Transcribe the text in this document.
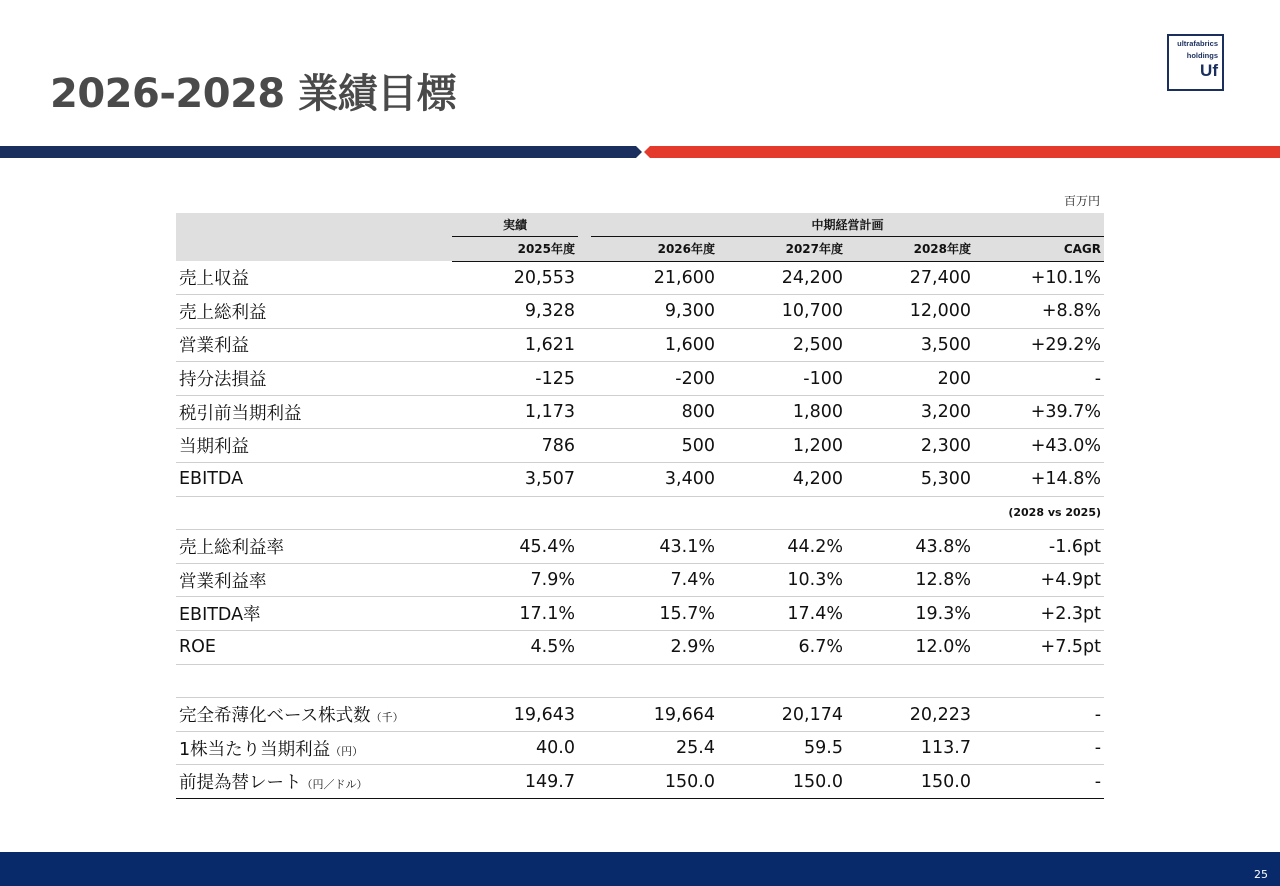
2026-2028 業績目標
ultrafabrics
holdings
Uf
百万円

	実績	中期経営計画			

	2025年度	2026年度	2027年度	2028年度	CAGR
売上収益	20,553	21,600	24,200	27,400	+10.1%
売上総利益	9,328	9,300	10,700	12,000	+8.8%
営業利益	1,621	1,600	2,500	3,500	+29.2%
持分法損益	-125	-200	-100	200	-
税引前当期利益	1,173	800	1,800	3,200	+39.7%
当期利益	786	500	1,200	2,300	+43.0%
EBITDA	3,507	3,400	4,200	5,300	+14.8%
(2028 vs 2025)					
売上総利益率	45.4%	43.1%	44.2%	43.8%	-1.6pt
営業利益率	7.9%	7.4%	10.3%	12.8%	+4.9pt
EBITDA率	17.1%	15.7%	17.4%	19.3%	+2.3pt
ROE	4.5%	2.9%	6.7%	12.0%	+7.5pt

完全希薄化ベース株式数（千）	19,643	19,664	20,174	20,223	-
1株当たり当期利益（円）	40.0	25.4	59.5	113.7	-
前提為替レート（円／ドル）	149.7	150.0	150.0	150.0	-
25
